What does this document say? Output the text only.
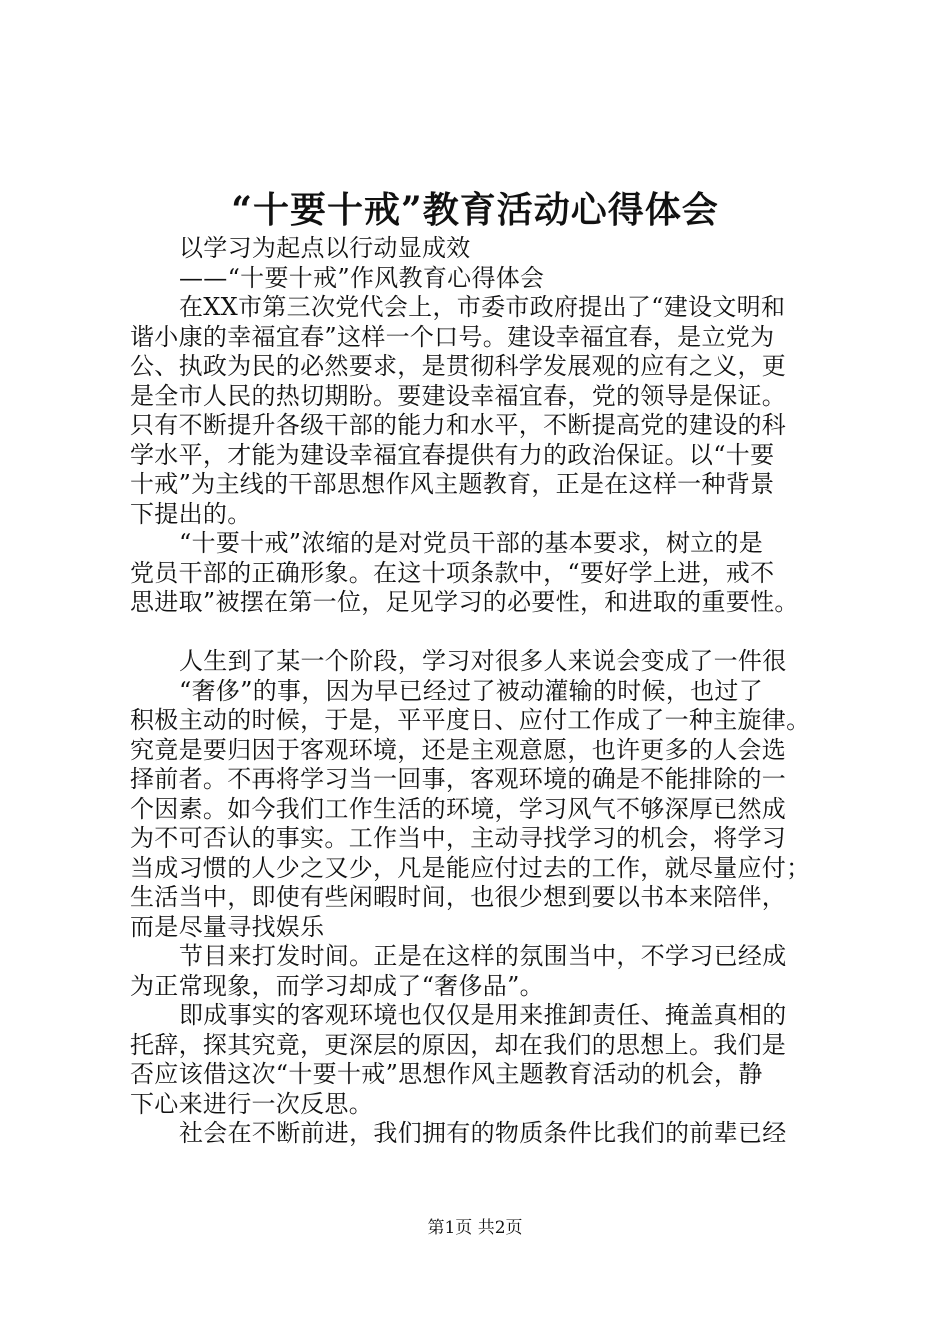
“十要十戒”教育活动心得体会
以学习为起点以行动显成效
——“十要十戒”作风教育心得体会
在XX市第三次党代会上，市委市政府提出了“建设文明和
谐小康的幸福宜春”这样一个口号。建设幸福宜春，是立党为
公、执政为民的必然要求，是贯彻科学发展观的应有之义，更
是全市人民的热切期盼。要建设幸福宜春，党的领导是保证。
只有不断提升各级干部的能力和水平，不断提高党的建设的科
学水平，才能为建设幸福宜春提供有力的政治保证。以“十要
十戒”为主线的干部思想作风主题教育，正是在这样一种背景
下提出的。
“十要十戒”浓缩的是对党员干部的基本要求，树立的是
党员干部的正确形象。在这十项条款中，“要好学上进，戒不
思进取”被摆在第一位，足见学习的必要性，和进取的重要性。
人生到了某一个阶段，学习对很多人来说会变成了一件很
“奢侈”的事，因为早已经过了被动灌输的时候，也过了
积极主动的时候，于是，平平度日、应付工作成了一种主旋律。
究竟是要归因于客观环境，还是主观意愿，也许更多的人会选
择前者。不再将学习当一回事，客观环境的确是不能排除的一
个因素。如今我们工作生活的环境，学习风气不够深厚已然成
为不可否认的事实。工作当中，主动寻找学习的机会，将学习
当成习惯的人少之又少，凡是能应付过去的工作，就尽量应付；
生活当中，即使有些闲暇时间，也很少想到要以书本来陪伴，
而是尽量寻找娱乐
节目来打发时间。正是在这样的氛围当中，不学习已经成
为正常现象，而学习却成了“奢侈品”。
即成事实的客观环境也仅仅是用来推卸责任、掩盖真相的
托辞，探其究竟，更深层的原因，却在我们的思想上。我们是
否应该借这次“十要十戒”思想作风主题教育活动的机会，静
下心来进行一次反思。
社会在不断前进，我们拥有的物质条件比我们的前辈已经
第1页 共2页
